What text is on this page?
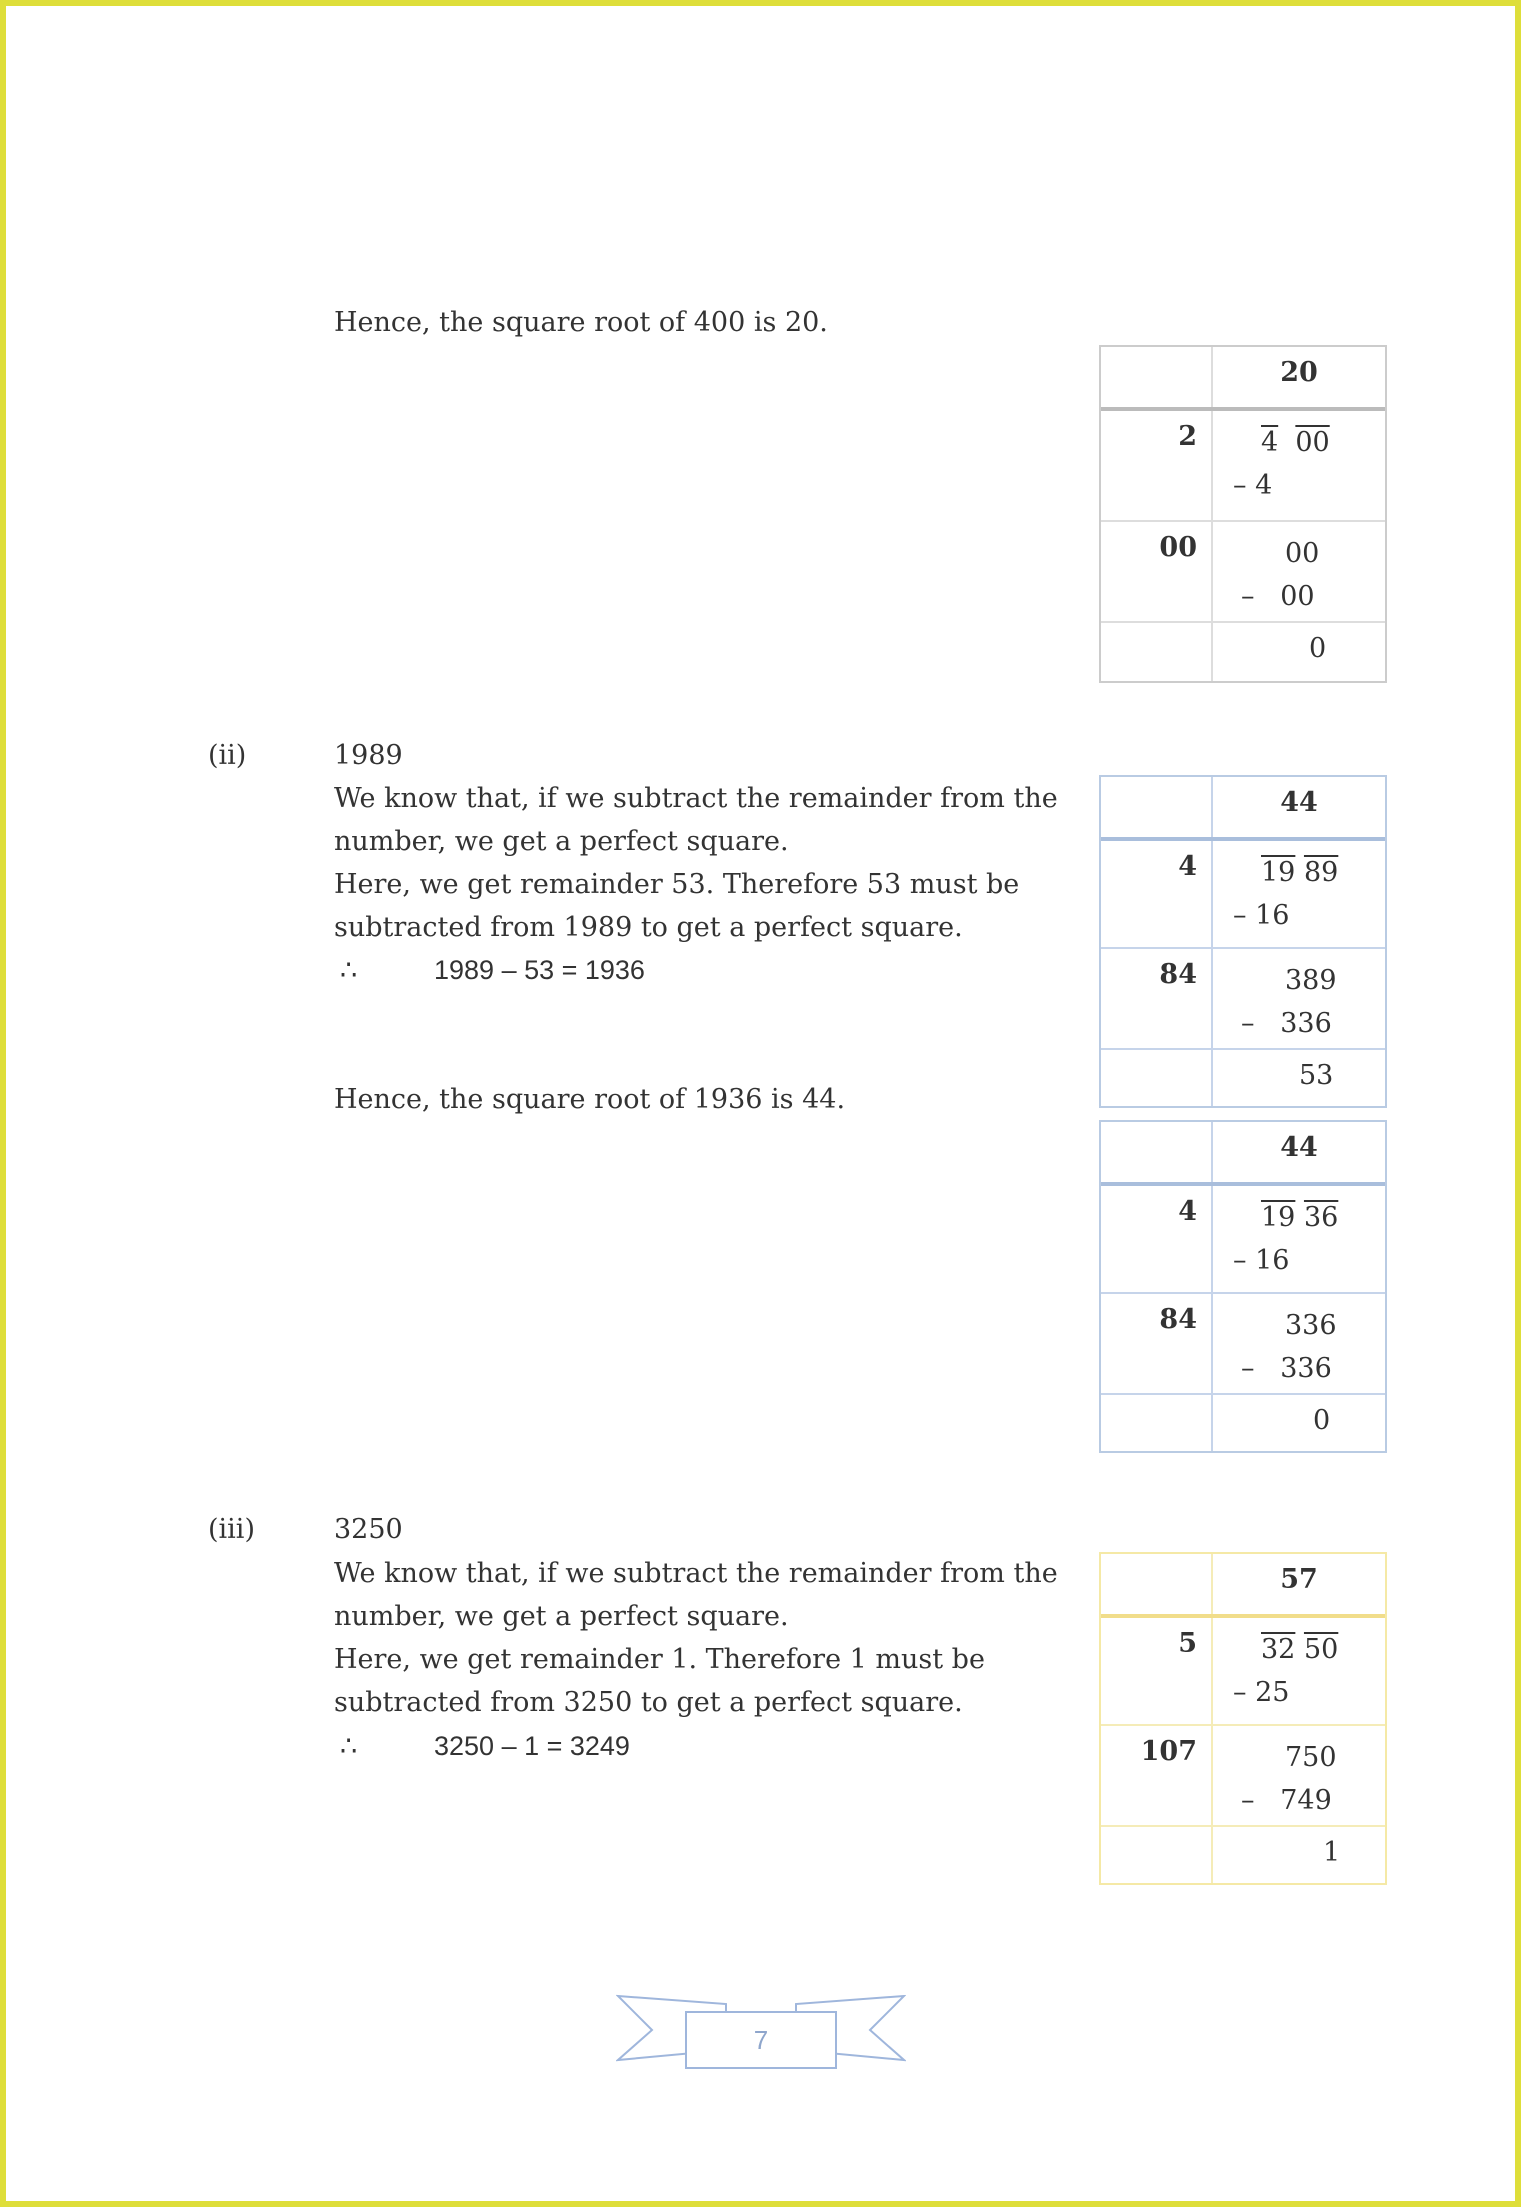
Hence, the square root of 400 is 20.
20
2	4 00
– 4
00	00
–   00
0
(ii)	1989
We know that, if we subtract the remainder from the
number, we get a perfect square.
Here, we get remainder 53. Therefore 53 must be
subtracted from 1989 to get a perfect square.
∴	1989 – 53 = 1936
Hence, the square root of 1936 is 44.
44
4	19 89
– 16
84	389
–   336
53
44
4	19 36
– 16
84	336
–   336
0
(iii)	3250
We know that, if we subtract the remainder from the
number, we get a perfect square.
Here, we get remainder 1. Therefore 1 must be
subtracted from 3250 to get a perfect square.
∴	3250 – 1 = 3249
57
5	32 50
– 25
107	750
–   749
1
7
